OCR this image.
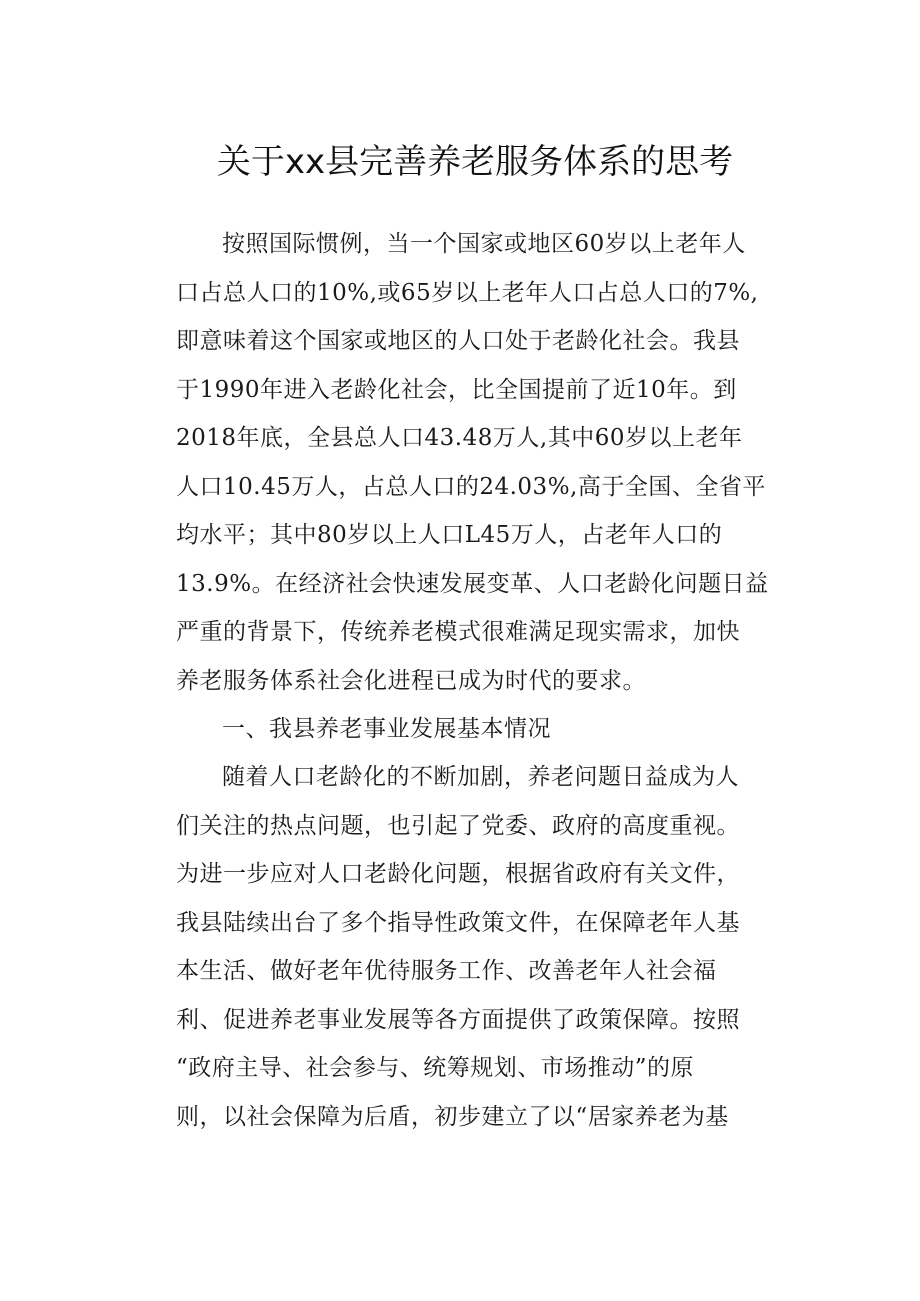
关于xx县完善养老服务体系的思考
按照国际惯例，当一个国家或地区60岁以上老年人
口占总人口的10%,或65岁以上老年人口占总人口的7%,
即意味着这个国家或地区的人口处于老龄化社会。我县
于1990年进入老龄化社会，比全国提前了近10年。到
2018年底，全县总人口43.48万人,其中60岁以上老年
人口10.45万人，占总人口的24.03%,高于全国、全省平
均水平；其中80岁以上人口L45万人，占老年人口的
13.9%。在经济社会快速发展变革、人口老龄化问题日益
严重的背景下，传统养老模式很难满足现实需求，加快
养老服务体系社会化进程已成为时代的要求。
一、我县养老事业发展基本情况
随着人口老龄化的不断加剧，养老问题日益成为人
们关注的热点问题，也引起了党委、政府的高度重视。
为进一步应对人口老龄化问题，根据省政府有关文件，
我县陆续出台了多个指导性政策文件，在保障老年人基
本生活、做好老年优待服务工作、改善老年人社会福
利、促进养老事业发展等各方面提供了政策保障。按照
“政府主导、社会参与、统筹规划、市场推动”的原
则，以社会保障为后盾，初步建立了以“居家养老为基
